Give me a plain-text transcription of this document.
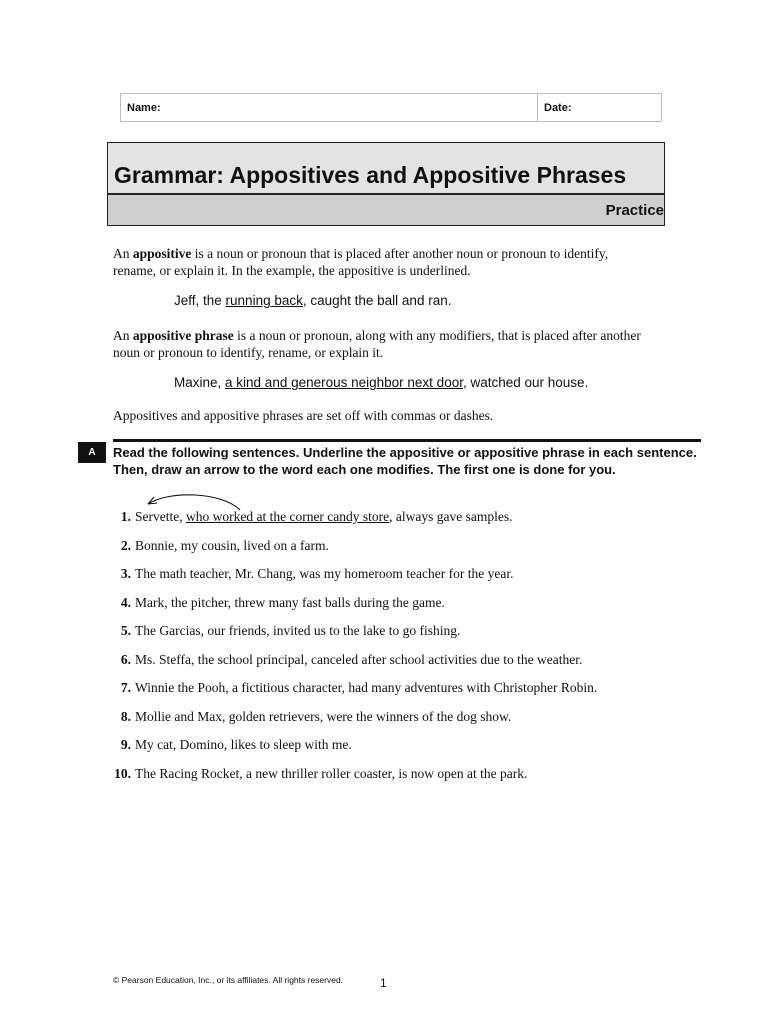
Name:	Date:
Grammar: Appositives and Appositive Phrases
Practice
An appositive is a noun or pronoun that is placed after another noun or pronoun to identify, rename, or explain it. In the example, the appositive is underlined.
Jeff, the running back, caught the ball and ran.
An appositive phrase is a noun or pronoun, along with any modifiers, that is placed after another noun or pronoun to identify, rename, or explain it.
Maxine, a kind and generous neighbor next door, watched our house.
Appositives and appositive phrases are set off with commas or dashes.
A	Read the following sentences. Underline the appositive or appositive phrase in each sentence. Then, draw an arrow to the word each one modifies. The first one is done for you.
1. Servette, who worked at the corner candy store, always gave samples.
2. Bonnie, my cousin, lived on a farm.
3. The math teacher, Mr. Chang, was my homeroom teacher for the year.
4. Mark, the pitcher, threw many fast balls during the game.
5. The Garcias, our friends, invited us to the lake to go fishing.
6. Ms. Steffa, the school principal, canceled after school activities due to the weather.
7. Winnie the Pooh, a fictitious character, had many adventures with Christopher Robin.
8. Mollie and Max, golden retrievers, were the winners of the dog show.
9. My cat, Domino, likes to sleep with me.
10. The Racing Rocket, a new thriller roller coaster, is now open at the park.
© Pearson Education, Inc., or its affiliates. All rights reserved.	1
